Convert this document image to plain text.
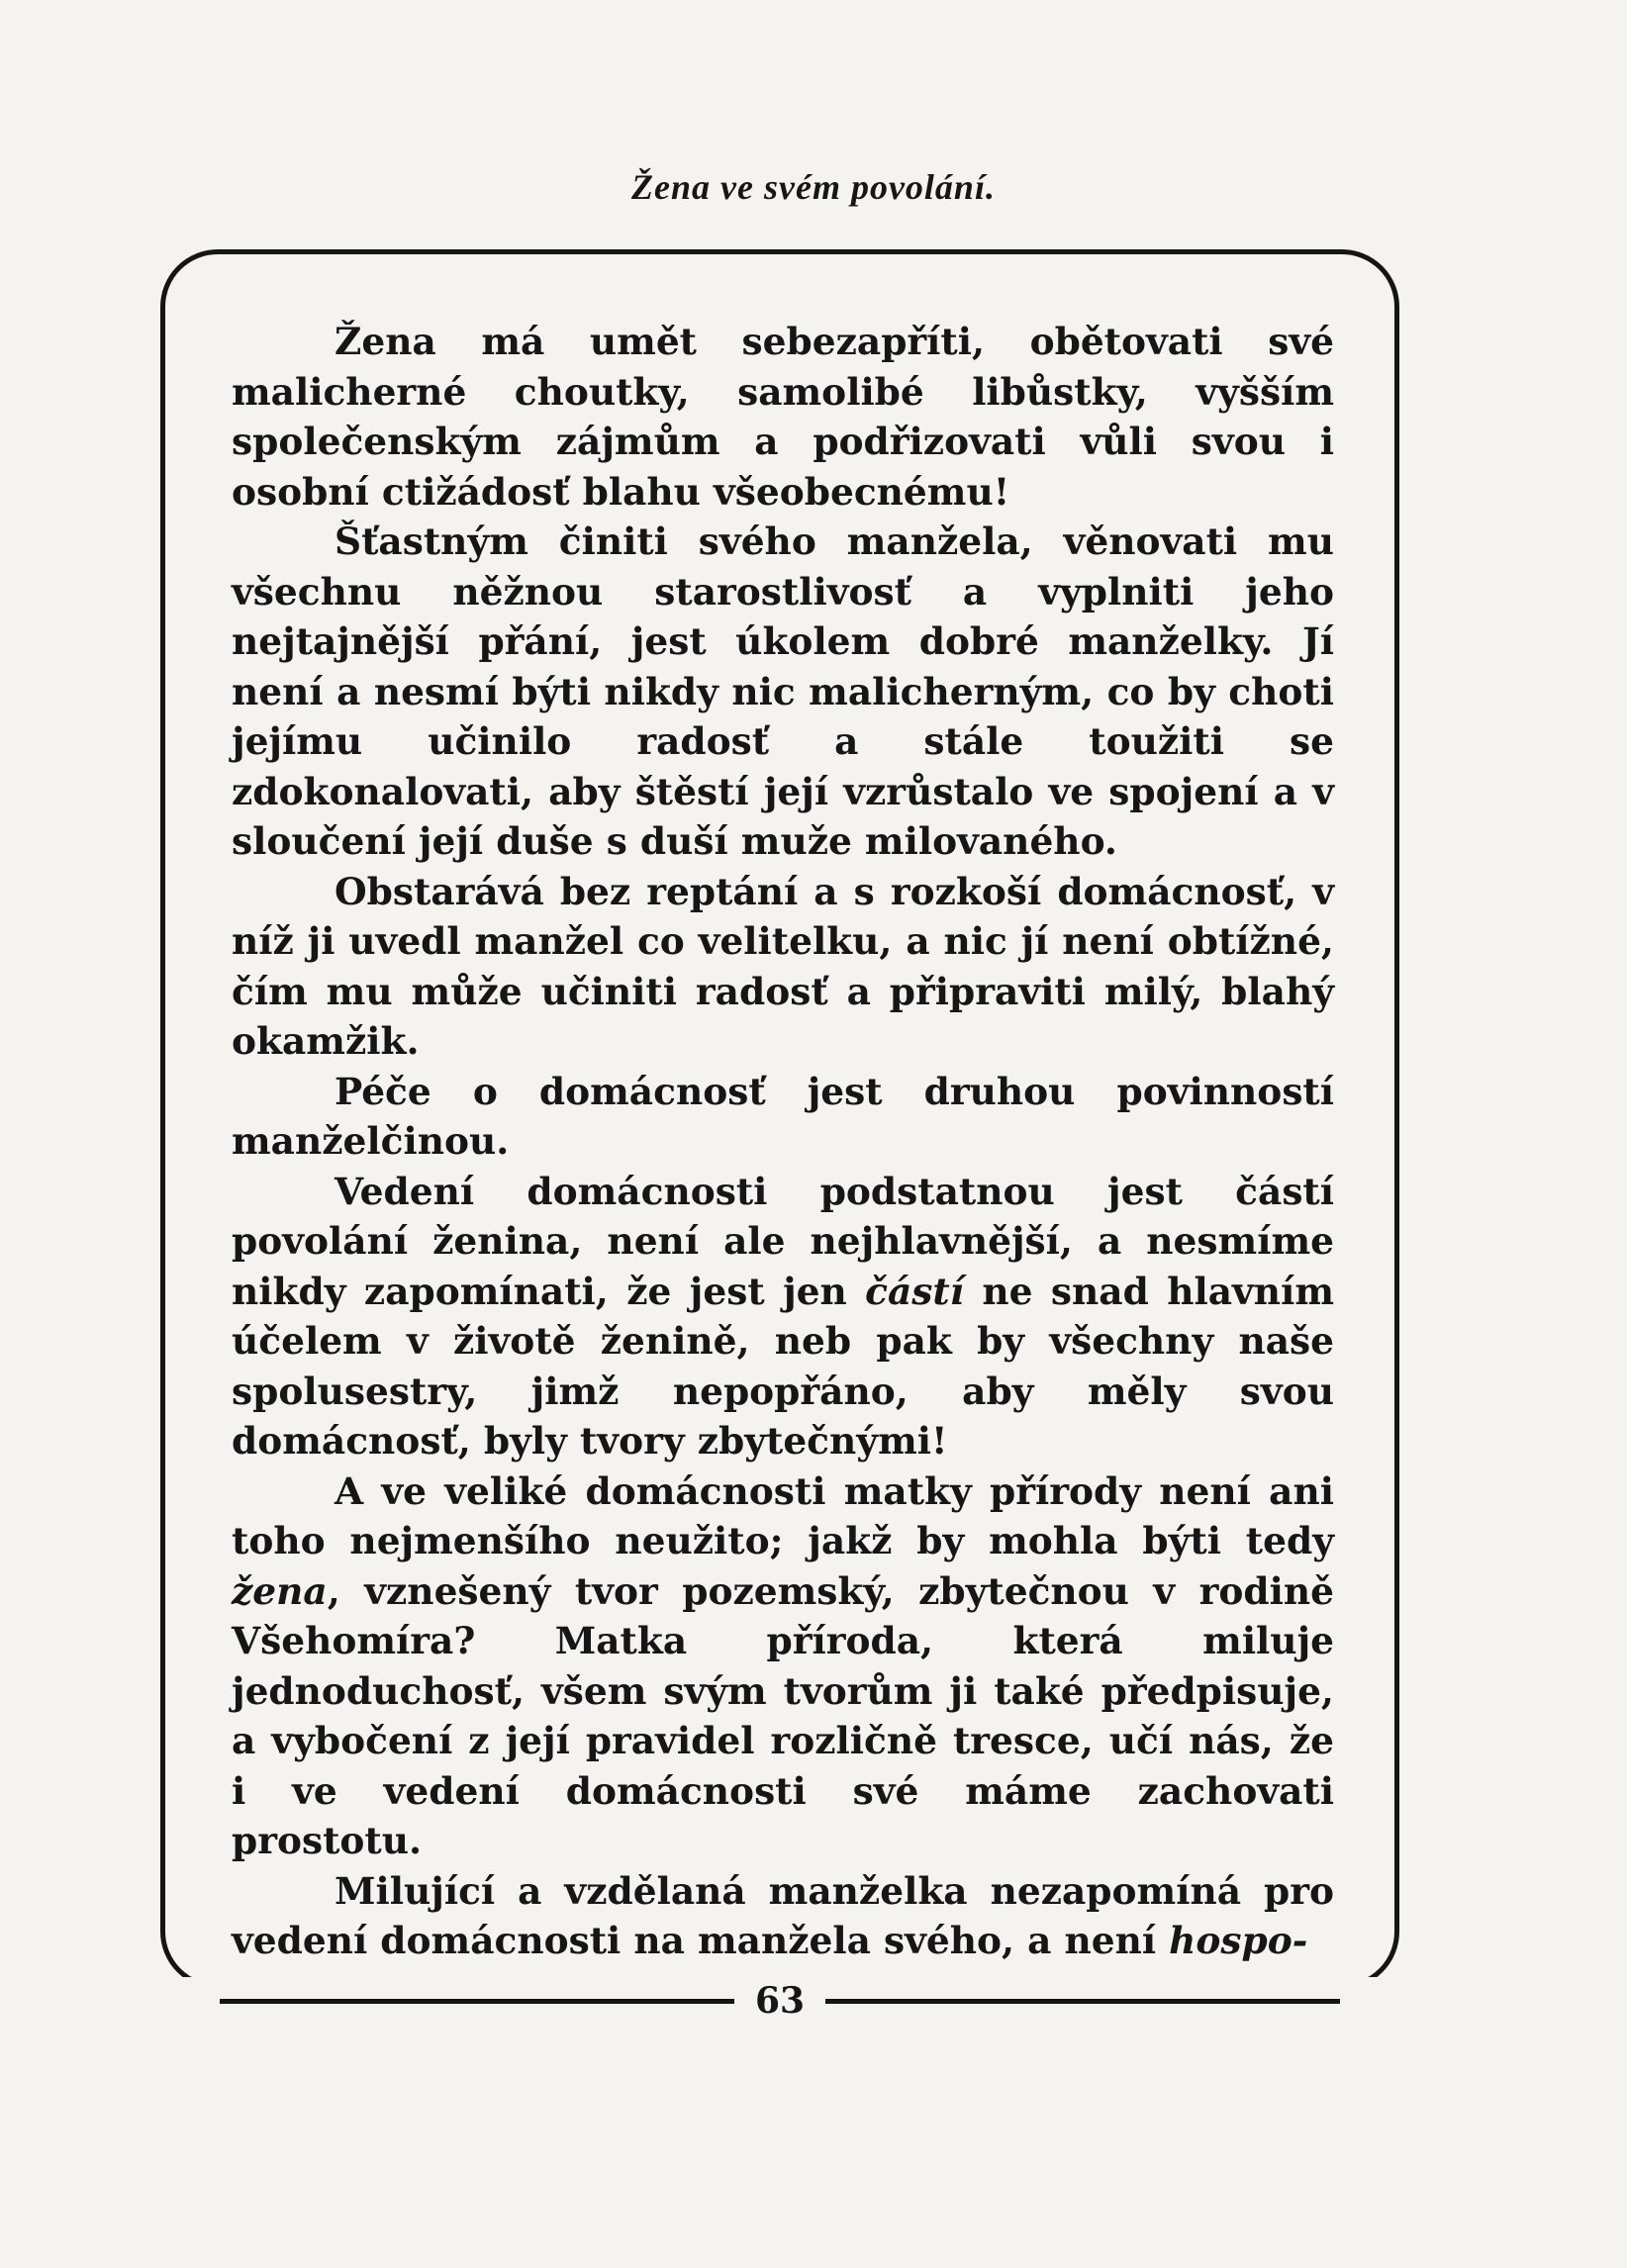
Žena ve svém povolání.

Žena má umět sebezapříti, obětovati své malicherné choutky, samolibé libůstky, vyšším společenským zájmům a podřizovati vůli svou i osobní ctižádosť blahu všeobecnému!

Šťastným činiti svého manžela, věnovati mu všechnu něžnou starostlivosť a vyplniti jeho nejtajnější přání, jest úkolem dobré manželky. Jí není a nesmí býti nikdy nic malicherným, co by choti jejímu učinilo radosť a stále toužiti se zdokonalovati, aby štěstí její vzrůstalo ve spojení a v sloučení její duše s duší muže milovaného.

Obstarává bez reptání a s rozkoší domácnosť, v níž ji uvedl manžel co velitelku, a nic jí není obtížné, čím mu může učiniti radosť a připraviti milý, blahý okamžik.

Péče o domácnosť jest druhou povinností manželčinou.

Vedení domácnosti podstatnou jest částí povolání ženina, není ale nejhlavnější, a nesmíme nikdy zapomínati, že jest jen částí ne snad hlavním účelem v životě ženině, neb pak by všechny naše spolusestry, jimž nepopřáno, aby měly svou domácnosť, byly tvory zbytečnými!

A ve veliké domácnosti matky přírody není ani toho nejmenšího neužito; jakž by mohla býti tedy žena, vznešený tvor pozemský, zbytečnou v rodině Všehomíra? Matka příroda, která miluje jednoduchosť, všem svým tvorům ji také předpisuje, a vybočení z její pravidel rozličně tresce, učí nás, že i ve vedení domácnosti své máme zachovati prostotu.

Milující a vzdělaná manželka nezapomíná pro vedení domácnosti na manžela svého, a není hospo-

63
